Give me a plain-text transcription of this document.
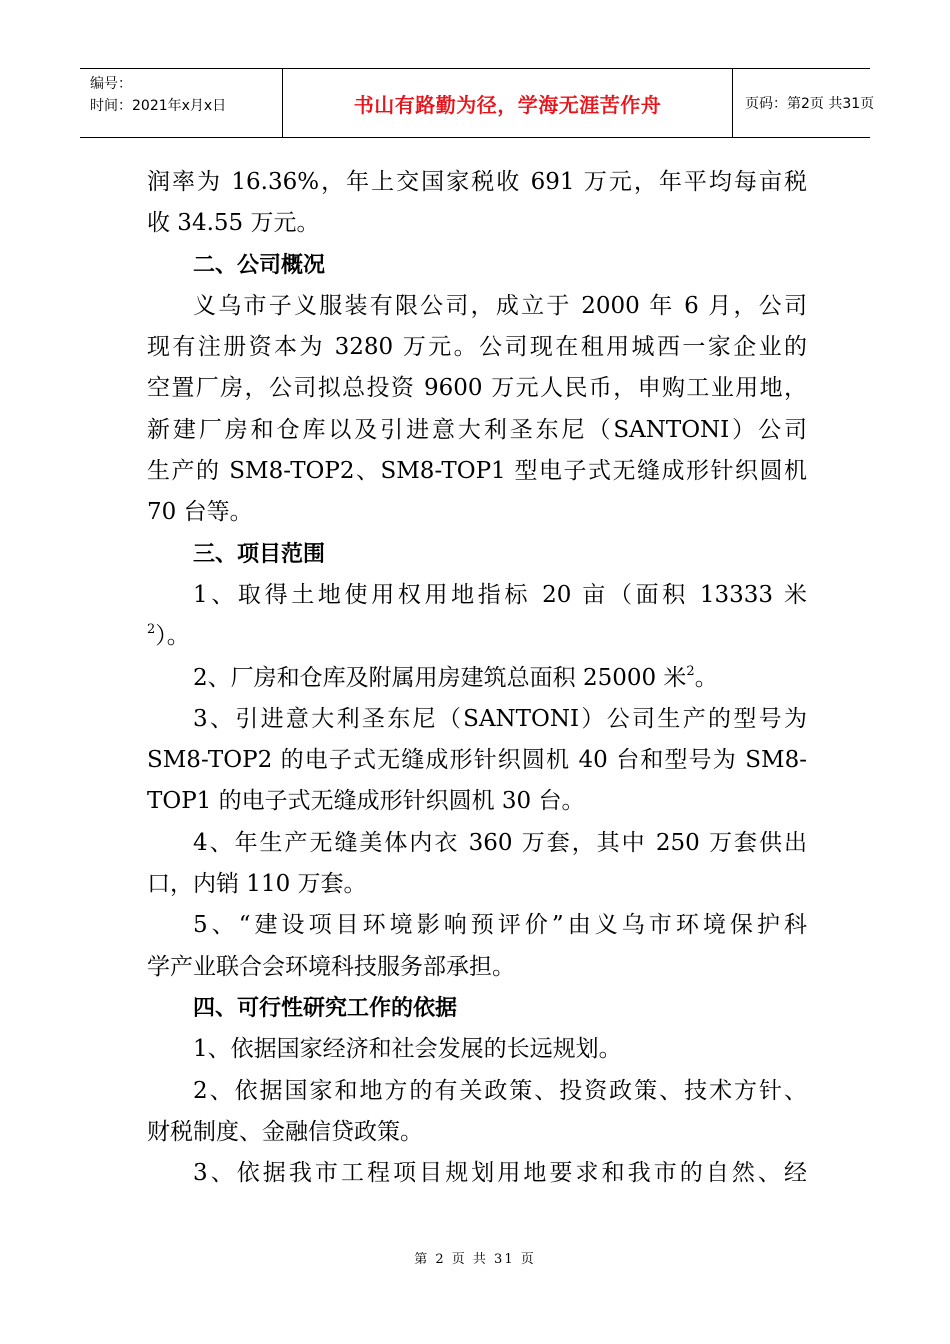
编号：
时间：2021年x月x日	书山有路勤为径，学海无涯苦作舟	页码：第2页 共31页

润率为 16.36%，年上交国家税收 691 万元，年平均每亩税

收 34.55 万元。

二、公司概况

义乌市子义服装有限公司，成立于 2000 年 6 月，公司

现有注册资本为 3280 万元。公司现在租用城西一家企业的

空置厂房，公司拟总投资 9600 万元人民币，申购工业用地，

新建厂房和仓库以及引进意大利圣东尼（SANTONI）公司

生产的 SM8-TOP2、SM8-TOP1 型电子式无缝成形针织圆机

70 台等。

三、项目范围

1、取得土地使用权用地指标 20 亩（面积 13333 米

$^2$）。

2、厂房和仓库及附属用房建筑总面积 25000 米$^2$。

3、引进意大利圣东尼（SANTONI）公司生产的型号为

SM8-TOP2 的电子式无缝成形针织圆机 40 台和型号为 SM8-

TOP1 的电子式无缝成形针织圆机 30 台。

4、年生产无缝美体内衣 360 万套，其中 250 万套供出

口，内销 110 万套。

5、“建设项目环境影响预评价”由义乌市环境保护科

学产业联合会环境科技服务部承担。

四、可行性研究工作的依据

1、依据国家经济和社会发展的长远规划。

2、依据国家和地方的有关政策、投资政策、技术方针、

财税制度、金融信贷政策。

3、依据我市工程项目规划用地要求和我市的自然、经

第 2 页 共 31 页
